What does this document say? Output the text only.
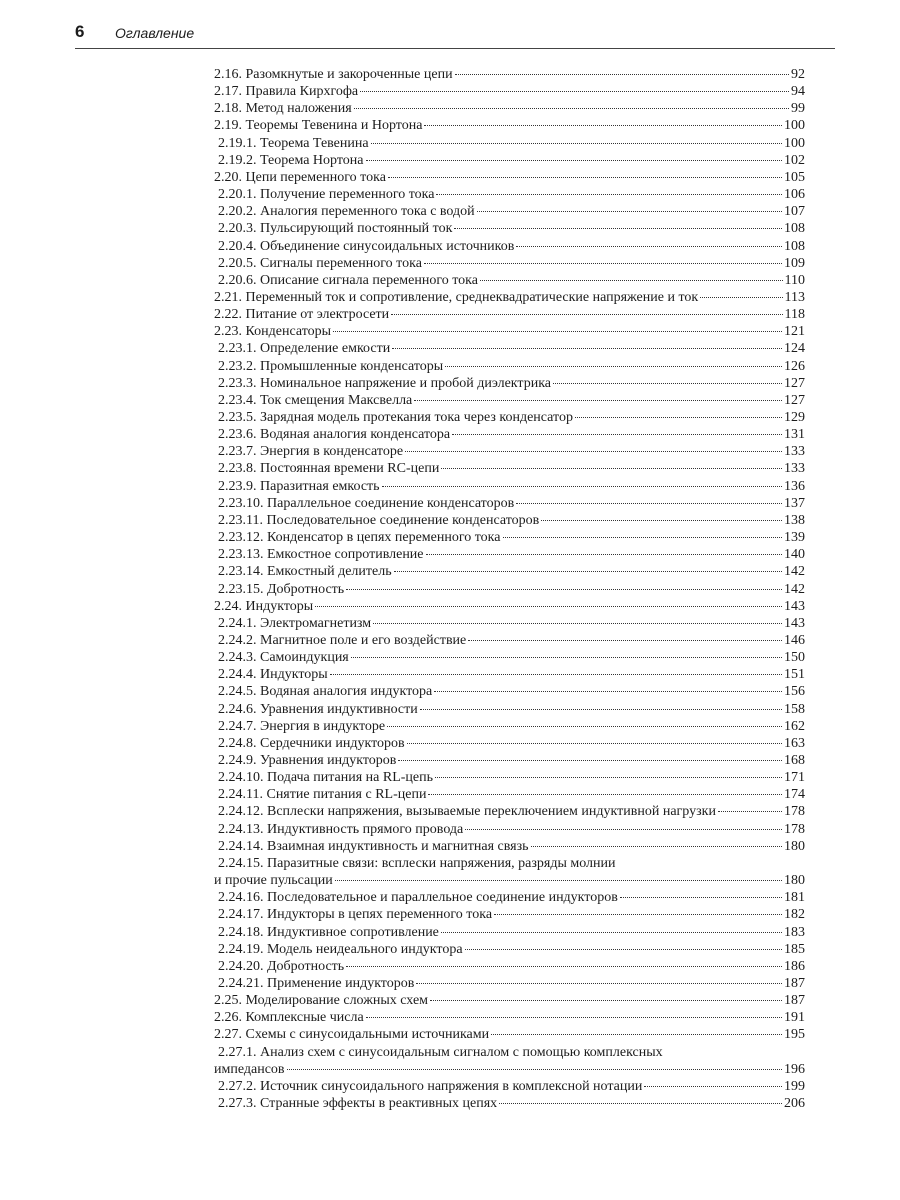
6 Оглавление
2.16. Разомкнутые и закороченные цепи	92
2.17. Правила Кирхгофа	94
2.18. Метод наложения	99
2.19. Теоремы Тевенина и Нортона	100
2.19.1. Теорема Тевенина	100
2.19.2. Теорема Нортона	102
2.20. Цепи переменного тока	105
2.20.1. Получение переменного тока	106
2.20.2. Аналогия переменного тока с водой	107
2.20.3. Пульсирующий постоянный ток	108
2.20.4. Объединение синусоидальных источников	108
2.20.5. Сигналы переменного тока	109
2.20.6. Описание сигнала переменного тока	110
2.21. Переменный ток и сопротивление, среднеквадратические напряжение и ток	113
2.22. Питание от электросети	118
2.23. Конденсаторы	121
2.23.1. Определение емкости	124
2.23.2. Промышленные конденсаторы	126
2.23.3. Номинальное напряжение и пробой диэлектрика	127
2.23.4. Ток смещения Максвелла	127
2.23.5. Зарядная модель протекания тока через конденсатор	129
2.23.6. Водяная аналогия конденсатора	131
2.23.7. Энергия в конденсаторе	133
2.23.8. Постоянная времени RC-цепи	133
2.23.9. Паразитная емкость	136
2.23.10. Параллельное соединение конденсаторов	137
2.23.11. Последовательное соединение конденсаторов	138
2.23.12. Конденсатор в цепях переменного тока	139
2.23.13. Емкостное сопротивление	140
2.23.14. Емкостный делитель	142
2.23.15. Добротность	142
2.24. Индукторы	143
2.24.1. Электромагнетизм	143
2.24.2. Магнитное поле и его воздействие	146
2.24.3. Самоиндукция	150
2.24.4. Индукторы	151
2.24.5. Водяная аналогия индуктора	156
2.24.6. Уравнения индуктивности	158
2.24.7. Энергия в индукторе	162
2.24.8. Сердечники индукторов	163
2.24.9. Уравнения индукторов	168
2.24.10. Подача питания на RL-цепь	171
2.24.11. Снятие питания с RL-цепи	174
2.24.12. Всплески напряжения, вызываемые переключением индуктивной нагрузки	178
2.24.13. Индуктивность прямого провода	178
2.24.14. Взаимная индуктивность и магнитная связь	180
2.24.15. Паразитные связи: всплески напряжения, разряды молнии
и прочие пульсации	180
2.24.16. Последовательное и параллельное соединение индукторов	181
2.24.17. Индукторы в цепях переменного тока	182
2.24.18. Индуктивное сопротивление	183
2.24.19. Модель неидеального индуктора	185
2.24.20. Добротность	186
2.24.21. Применение индукторов	187
2.25. Моделирование сложных схем	187
2.26. Комплексные числа	191
2.27. Схемы с синусоидальными источниками	195
2.27.1. Анализ схем с синусоидальным сигналом с помощью комплексных
импедансов	196
2.27.2. Источник синусоидального напряжения в комплексной нотации	199
2.27.3. Странные эффекты в реактивных цепях	206
